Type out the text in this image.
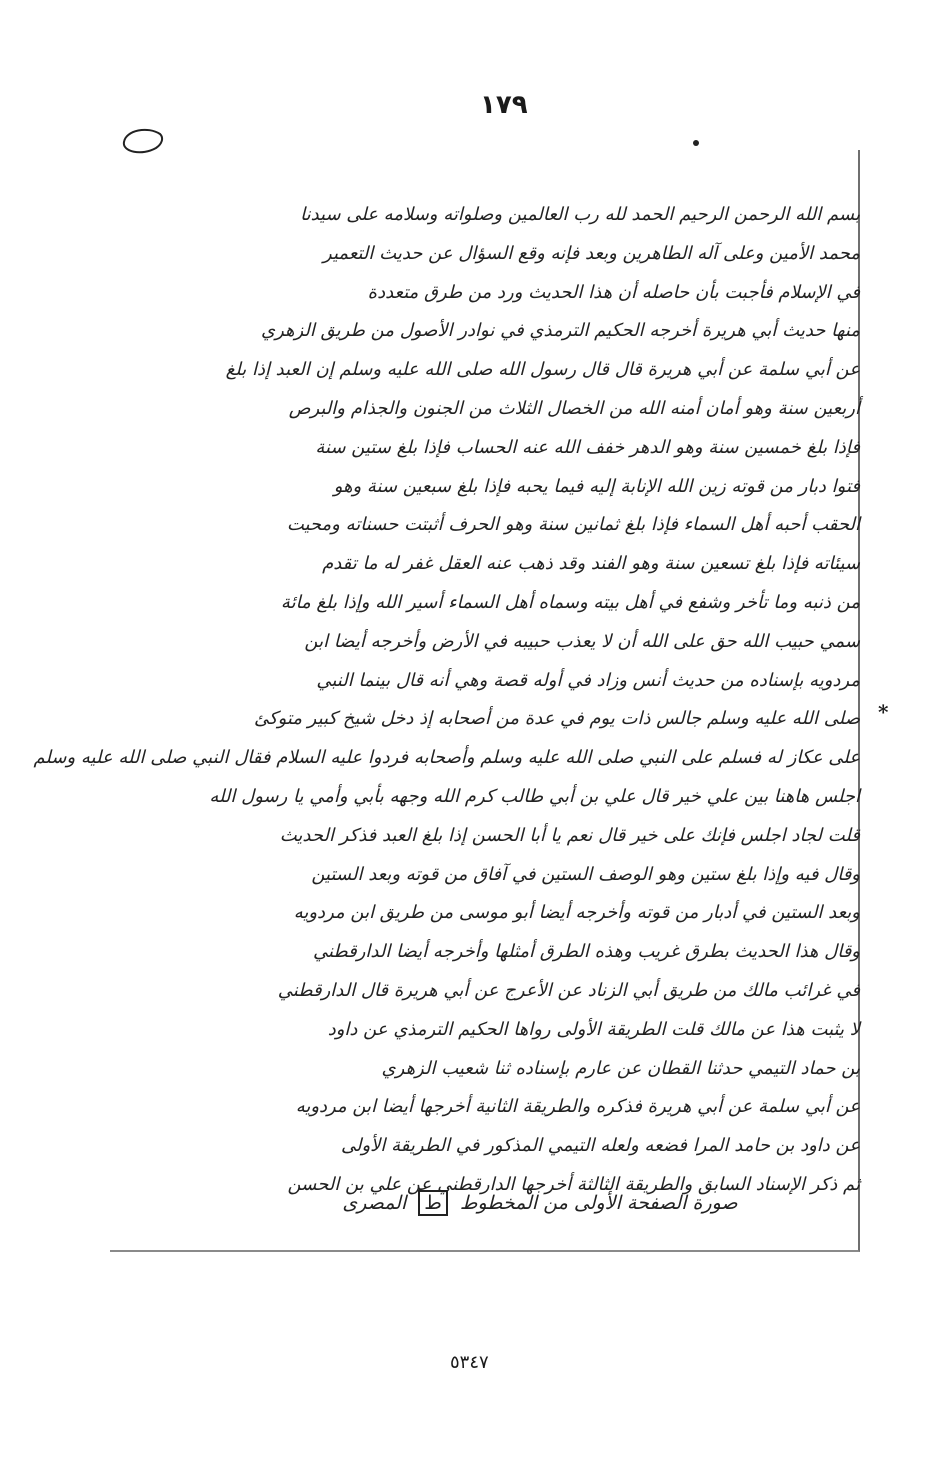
١٧٩
بسم الله الرحمن الرحيم الحمد لله رب العالمين وصلواته وسلامه على سيدنا
محمد الأمين وعلى آله الطاهرين وبعد فإنه وقع السؤال عن حديث التعمير
في الإسلام فأجبت بأن حاصله أن هذا الحديث ورد من طرق متعددة
منها حديث أبي هريرة أخرجه الحكيم الترمذي في نوادر الأصول من طريق الزهري
عن أبي سلمة عن أبي هريرة قال قال رسول الله صلى الله عليه وسلم إن العبد إذا بلغ
أربعين سنة وهو أمان أمنه الله من الخصال الثلاث من الجنون والجذام والبرص
فإذا بلغ خمسين سنة وهو الدهر خفف الله عنه الحساب فإذا بلغ ستين سنة
فتوا دبار من قوته زين الله الإنابة إليه فيما يحبه فإذا بلغ سبعين سنة وهو
الحقب أحبه أهل السماء فإذا بلغ ثمانين سنة وهو الحرف أثبتت حسناته ومحيت
سيئاته فإذا بلغ تسعين سنة وهو الفند وقد ذهب عنه العقل غفر له ما تقدم
من ذنبه وما تأخر وشفع في أهل بيته وسماه أهل السماء أسير الله وإذا بلغ مائة
سمي حبيب الله حق على الله أن لا يعذب حبيبه في الأرض وأخرجه أيضا ابن
مردويه بإسناده من حديث أنس وزاد في أوله قصة وهي أنه قال بينما النبي
صلى الله عليه وسلم جالس ذات يوم في عدة من أصحابه إذ دخل شيخ كبير متوكئ
على عكاز له فسلم على النبي صلى الله عليه وسلم وأصحابه فردوا عليه السلام فقال النبي صلى الله عليه وسلم
اجلس هاهنا بين علي خير قال علي بن أبي طالب كرم الله وجهه بأبي وأمي يا رسول الله
قلت لجاد اجلس فإنك على خير قال نعم يا أبا الحسن إذا بلغ العبد فذكر الحديث
وقال فيه وإذا بلغ ستين وهو الوصف الستين في آفاق من قوته وبعد الستين
وبعد الستين في أدبار من قوته وأخرجه أيضا أبو موسى من طريق ابن مردويه
وقال هذا الحديث بطرق غريب وهذه الطرق أمثلها وأخرجه أيضا الدارقطني
في غرائب مالك من طريق أبي الزناد عن الأعرج عن أبي هريرة قال الدارقطني
لا يثبت هذا عن مالك قلت الطريقة الأولى رواها الحكيم الترمذي عن داود
بن حماد التيمي حدثنا القطان عن عارم بإسناده ثنا شعيب الزهري
عن أبي سلمة عن أبي هريرة فذكره والطريقة الثانية أخرجها أيضا ابن مردويه
عن داود بن حامد المرا فضعه ولعله التيمي المذكور في الطريقة الأولى
ثم ذكر الإسناد السابق والطريقة الثالثة أخرجها الدارقطني عن علي بن الحسن
*
صورة الصفحة الأولى من المخطوط ط المصرى
٥٣٤٧
